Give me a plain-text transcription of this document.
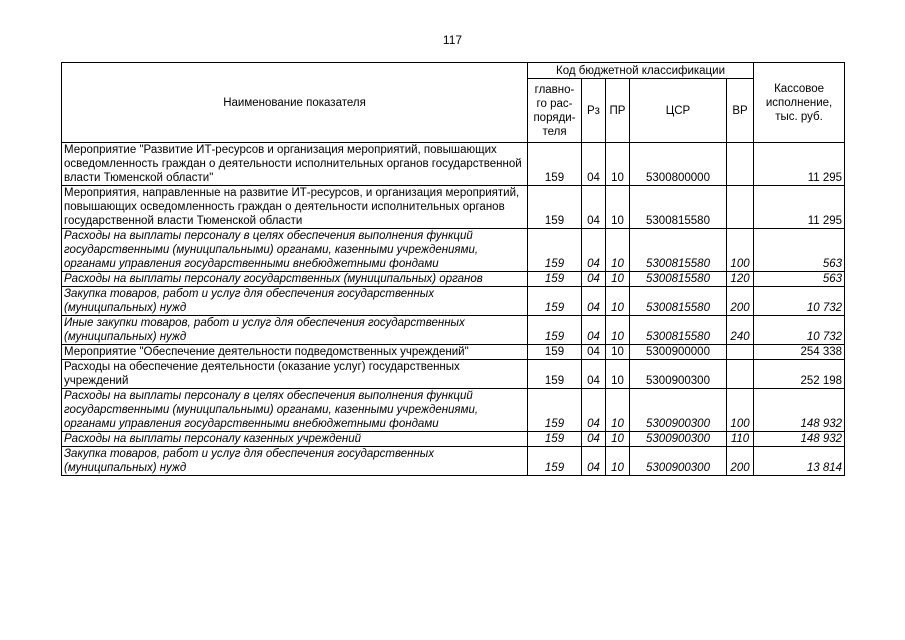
117
Наименование показателя	Код бюджетной классификации					Кассовое исполнение, тыс. руб.
	главно-го рас-поряди-теля	Рз	ПР	ЦСР	ВР	
Мероприятие "Развитие ИТ-ресурсов и организация мероприятий, повышающих осведомленность граждан о деятельности исполнительных органов государственной власти Тюменской области"	159	04	10	5300800000		11 295
Мероприятия, направленные на развитие ИТ-ресурсов, и организация мероприятий, повышающих осведомленность граждан о деятельности исполнительных органов государственной власти Тюменской области	159	04	10	5300815580		11 295
Расходы на выплаты персоналу в целях обеспечения выполнения функций государственными (муниципальными) органами, казенными учреждениями, органами управления государственными внебюджетными фондами	159	04	10	5300815580	100	563
Расходы на выплаты персоналу государственных (муниципальных) органов	159	04	10	5300815580	120	563
Закупка товаров, работ и услуг для обеспечения государственных (муниципальных) нужд	159	04	10	5300815580	200	10 732
Иные закупки товаров, работ и услуг для обеспечения государственных (муниципальных) нужд	159	04	10	5300815580	240	10 732
Мероприятие "Обеспечение деятельности подведомственных учреждений"	159	04	10	5300900000		254 338
Расходы на обеспечение деятельности (оказание услуг) государственных учреждений	159	04	10	5300900300		252 198
Расходы на выплаты персоналу в целях обеспечения выполнения функций государственными (муниципальными) органами, казенными учреждениями, органами управления государственными внебюджетными фондами	159	04	10	5300900300	100	148 932
Расходы на выплаты персоналу казенных учреждений	159	04	10	5300900300	110	148 932
Закупка товаров, работ и услуг для обеспечения государственных (муниципальных) нужд	159	04	10	5300900300	200	13 814
